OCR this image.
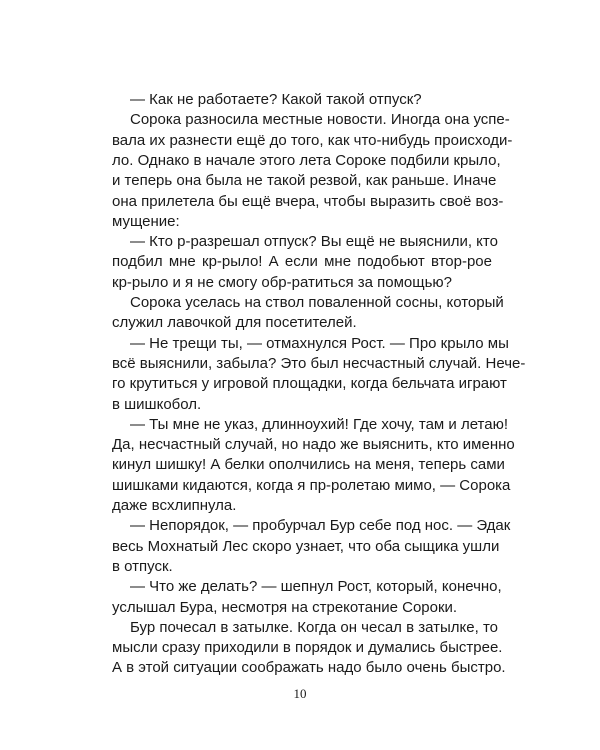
— Как не работаете? Какой такой отпуск?
Сорока разносила местные новости. Иногда она успе-
вала их разнести ещё до того, как что-нибудь происходи-
ло. Однако в начале этого лета Сороке подбили крыло,
и теперь она была не такой резвой, как раньше. Иначе
она прилетела бы ещё вчера, чтобы выразить своё воз-
мущение:
— Кто р-разрешал отпуск? Вы ещё не выяснили, кто
подбил мне кр-рыло! А если мне подобьют втор-рое
кр-рыло и я не смогу обр-ратиться за помощью?
Сорока уселась на ствол поваленной сосны, который
служил лавочкой для посетителей.
— Не трещи ты, — отмахнулся Рост. — Про крыло мы
всё выяснили, забыла? Это был несчастный случай. Нече-
го крутиться у игровой площадки, когда бельчата играют
в шишкобол.
— Ты мне не указ, длинноухий! Где хочу, там и летаю!
Да, несчастный случай, но надо же выяснить, кто именно
кинул шишку! А белки ополчились на меня, теперь сами
шишками кидаются, когда я пр-ролетаю мимо, — Сорока
даже всхлипнула.
— Непорядок, — пробурчал Бур себе под нос. — Эдак
весь Мохнатый Лес скоро узнает, что оба сыщика ушли
в отпуск.
— Что же делать? — шепнул Рост, который, конечно,
услышал Бура, несмотря на стрекотание Сороки.
Бур почесал в затылке. Когда он чесал в затылке, то
мысли сразу приходили в порядок и думались быстрее.
А в этой ситуации соображать надо было очень быстро.
10
